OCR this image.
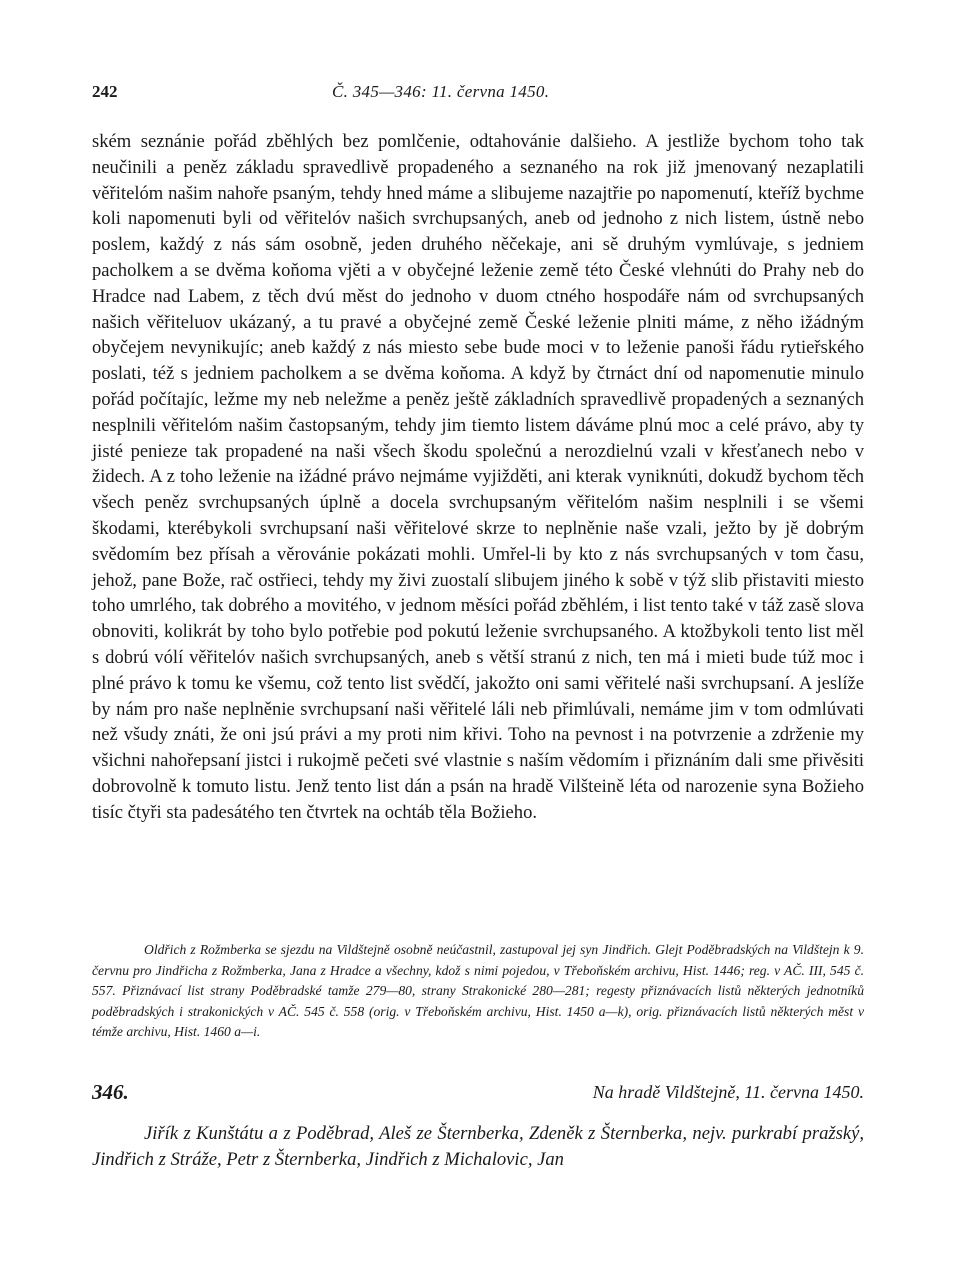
242	Č. 345—346: 11. června 1450.

ském seznánie pořád zběhlých bez pomlčenie, odtahovánie dalšieho. A jestliže bychom toho tak neučinili a peněz základu spravedlivě propadeného a seznaného na rok již jmenovaný nezaplatili věřitelóm našim nahoře psaným, tehdy hned máme a slibujeme nazajtřie po napomenutí, kteříž bychme koli napomenuti byli od věřitelóv našich svrchupsaných, aneb od jednoho z nich listem, ústně nebo poslem, každý z nás sám osobně, jeden druhého něčekaje, ani sě druhým vymlúvaje, s jedniem pacholkem a se dvěma koňoma vjěti a v obyčejné leženie země této České vlehnúti do Prahy neb do Hradce nad Labem, z těch dvú měst do jednoho v duom ctného hospodáře nám od svrchupsaných našich věřiteluov ukázaný, a tu pravé a obyčejné země České leženie plniti máme, z něho ižádným obyčejem nevynikujíc; aneb každý z nás miesto sebe bude moci v to leženie panoši řádu rytieřského poslati, též s jedniem pacholkem a se dvěma koňoma. A když by čtrnáct dní od napomenutie minulo pořád počítajíc, ležme my neb neležme a peněz ještě základních spravedlivě propadených a seznaných nesplnili věřitelóm našim častopsaným, tehdy jim tiemto listem dáváme plnú moc a celé právo, aby ty jisté penieze tak propadené na naši všech škodu společnú a nerozdielnú vzali v křesťanech nebo v židech. A z toho leženie na ižádné právo nejmáme vyjižděti, ani kterak vyniknúti, dokudž bychom těch všech peněz svrchupsaných úplně a docela svrchupsaným věřitelóm našim nesplnili i se všemi škodami, kterébykoli svrchupsaní naši věřitelové skrze to neplněnie naše vzali, ježto by jě dobrým svědomím bez přísah a věrovánie pokázati mohli. Umřel-li by kto z nás svrchupsaných v tom času, jehož, pane Bože, rač ostřieci, tehdy my živi zuostalí slibujem jiného k sobě v týž slib přistaviti miesto toho umrlého, tak dobrého a movitého, v jednom měsíci pořád zběhlém, i list tento také v táž zasě slova obnoviti, kolikrát by toho bylo potřebie pod pokutú leženie svrchupsaného. A ktožbykoli tento list měl s dobrú vólí věřitelóv našich svrchupsaných, aneb s větší stranú z nich, ten má i mieti bude túž moc i plné právo k tomu ke všemu, což tento list svědčí, jakožto oni sami věřitelé naši svrchupsaní. A jeslíže by nám pro naše neplněnie svrchupsaní naši věřitelé láli neb přimlúvali, nemáme jim v tom odmlúvati než všudy znáti, že oni jsú právi a my proti nim křivi. Toho na pevnost i na potvrzenie a zdrženie my všichni nahořepsaní jistci i rukojmě pečeti své vlastnie s naším vědomím i přiznáním dali sme přivěsiti dobrovolně k tomuto listu. Jenž tento list dán a psán na hradě Vilšteině léta od narozenie syna Božieho tisíc čtyři sta padesátého ten čtvrtek na ochtáb těla Božieho.

Oldřich z Rožmberka se sjezdu na Vildštejně osobně neúčastnil, zastupoval jej syn Jindřich. Glejt Poděbradských na Vildštejn k 9. červnu pro Jindřicha z Rožmberka, Jana z Hradce a všechny, kdož s nimi pojedou, v Třeboňském archivu, Hist. 1446; reg. v AČ. III, 545 č. 557. Přiznávací list strany Poděbradské tamže 279—80, strany Strakonické 280—281; regesty přiznávacích listů některých jednotníků poděbradských i strakonických v AČ. 545 č. 558 (orig. v Třeboňském archivu, Hist. 1450 a—k), orig. přiznávacích listů některých měst v témže archivu, Hist. 1460 a—i.

346.	Na hradě Vildštejně, 11. června 1450.

Jiřík z Kunštátu a z Poděbrad, Aleš ze Šternberka, Zdeněk z Šternberka, nejv. purkrabí pražský, Jindřich z Stráže, Petr z Šternberka, Jindřich z Michalovic, Jan
